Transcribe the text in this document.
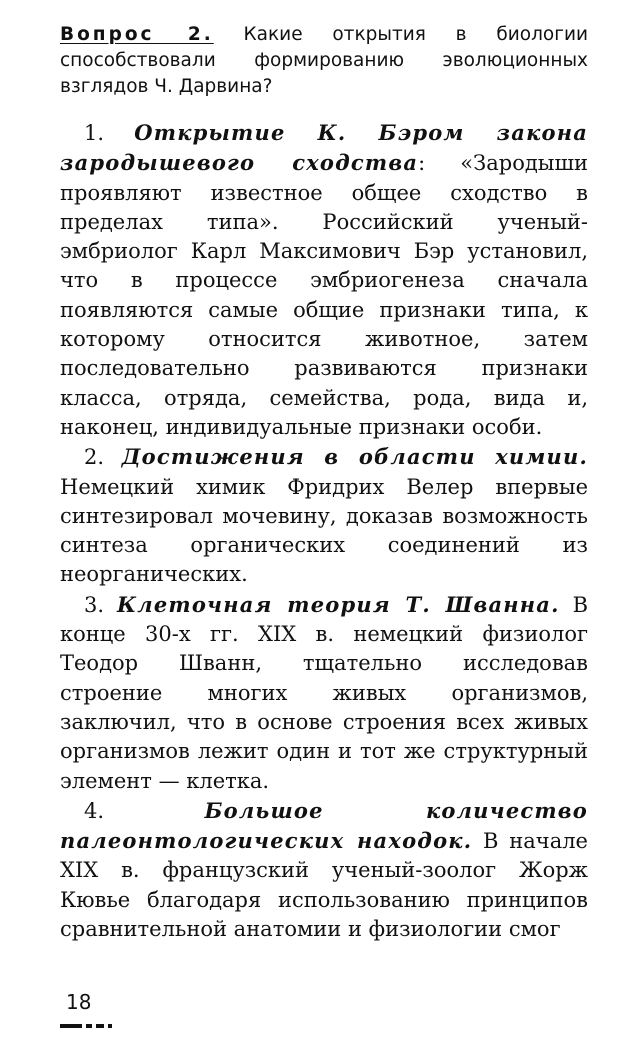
Вопрос 2. Какие открытия в биологии способствовали формированию эволюционных взглядов Ч. Дарвина?

1. Открытие К. Бэром закона зародышевого сходства: «Зародыши проявляют известное общее сходство в пределах типа». Российский ученый-эмбриолог Карл Максимович Бэр установил, что в процессе эмбриогенеза сначала появляются самые общие признаки типа, к которому относится животное, затем последовательно развиваются признаки класса, отряда, семейства, рода, вида и, наконец, индивидуальные признаки особи.

2. Достижения в области химии. Немецкий химик Фридрих Велер впервые синтезировал мочевину, доказав возможность синтеза органических соединений из неорганических.

3. Клеточная теория Т. Шванна. В конце 30-х гг. XIX в. немецкий физиолог Теодор Шванн, тщательно исследовав строение многих живых организмов, заключил, что в основе строения всех живых организмов лежит один и тот же структурный элемент — клетка.

4. Большое количество палеонтологических находок. В начале XIX в. французский ученый-зоолог Жорж Кювье благодаря использованию принципов сравнительной анатомии и физиологии смог

18
